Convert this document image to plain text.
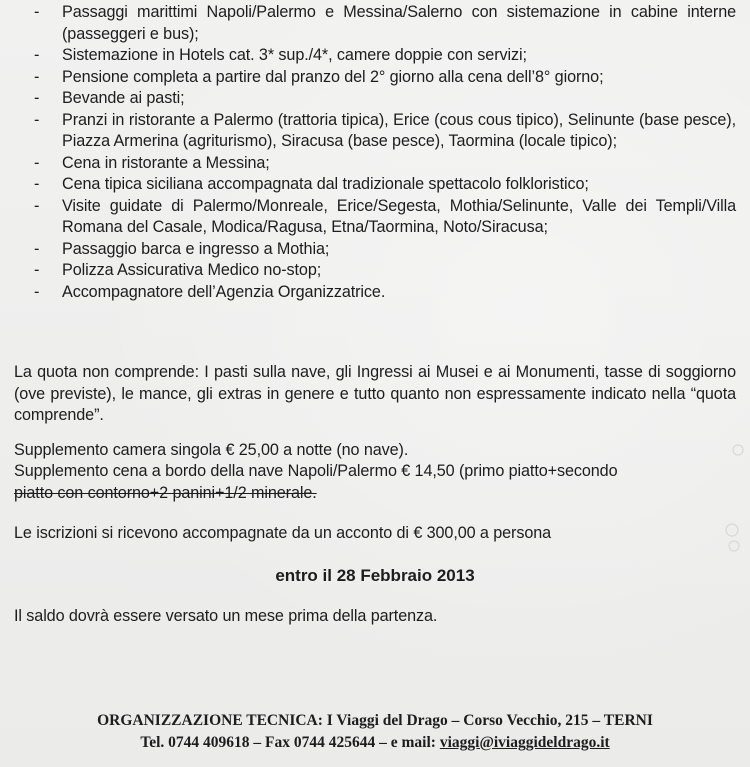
- Passaggi marittimi Napoli/Palermo e Messina/Salerno con sistemazione in cabine interne (passeggeri e bus);
- Sistemazione in Hotels cat. 3* sup./4*, camere doppie con servizi;
- Pensione completa a partire dal pranzo del 2° giorno alla cena dell’8° giorno;
- Bevande ai pasti;
- Pranzi in ristorante a Palermo (trattoria tipica), Erice (cous cous tipico), Selinunte (base pesce), Piazza Armerina (agriturismo), Siracusa (base pesce), Taormina (locale tipico);
- Cena in ristorante a Messina;
- Cena tipica siciliana accompagnata dal tradizionale spettacolo folkloristico;
- Visite guidate di Palermo/Monreale, Erice/Segesta, Mothia/Selinunte, Valle dei Templi/Villa Romana del Casale, Modica/Ragusa, Etna/Taormina, Noto/Siracusa;
- Passaggio barca e ingresso a Mothia;
- Polizza Assicurativa Medico no-stop;
- Accompagnatore dell’Agenzia Organizzatrice.

La quota non comprende: I pasti sulla nave, gli Ingressi ai Musei e ai Monumenti, tasse di soggiorno (ove previste), le mance, gli extras in genere e tutto quanto non espressamente indicato nella “quota comprende”.

Supplemento camera singola € 25,00 a notte (no nave).

Supplemento cena a bordo della nave Napoli/Palermo € 14,50 (primo piatto+secondo

piatto con contorno+2 panini+1/2 minerale.

Le iscrizioni si ricevono accompagnate da un acconto di € 300,00 a persona

entro il 28 Febbraio 2013

Il saldo dovrà essere versato un mese prima della partenza.

ORGANIZZAZIONE TECNICA: I Viaggi del Drago – Corso Vecchio, 215 – TERNI
Tel. 0744 409618 – Fax 0744 425644 – e mail: viaggi@iviaggideldrago.it
